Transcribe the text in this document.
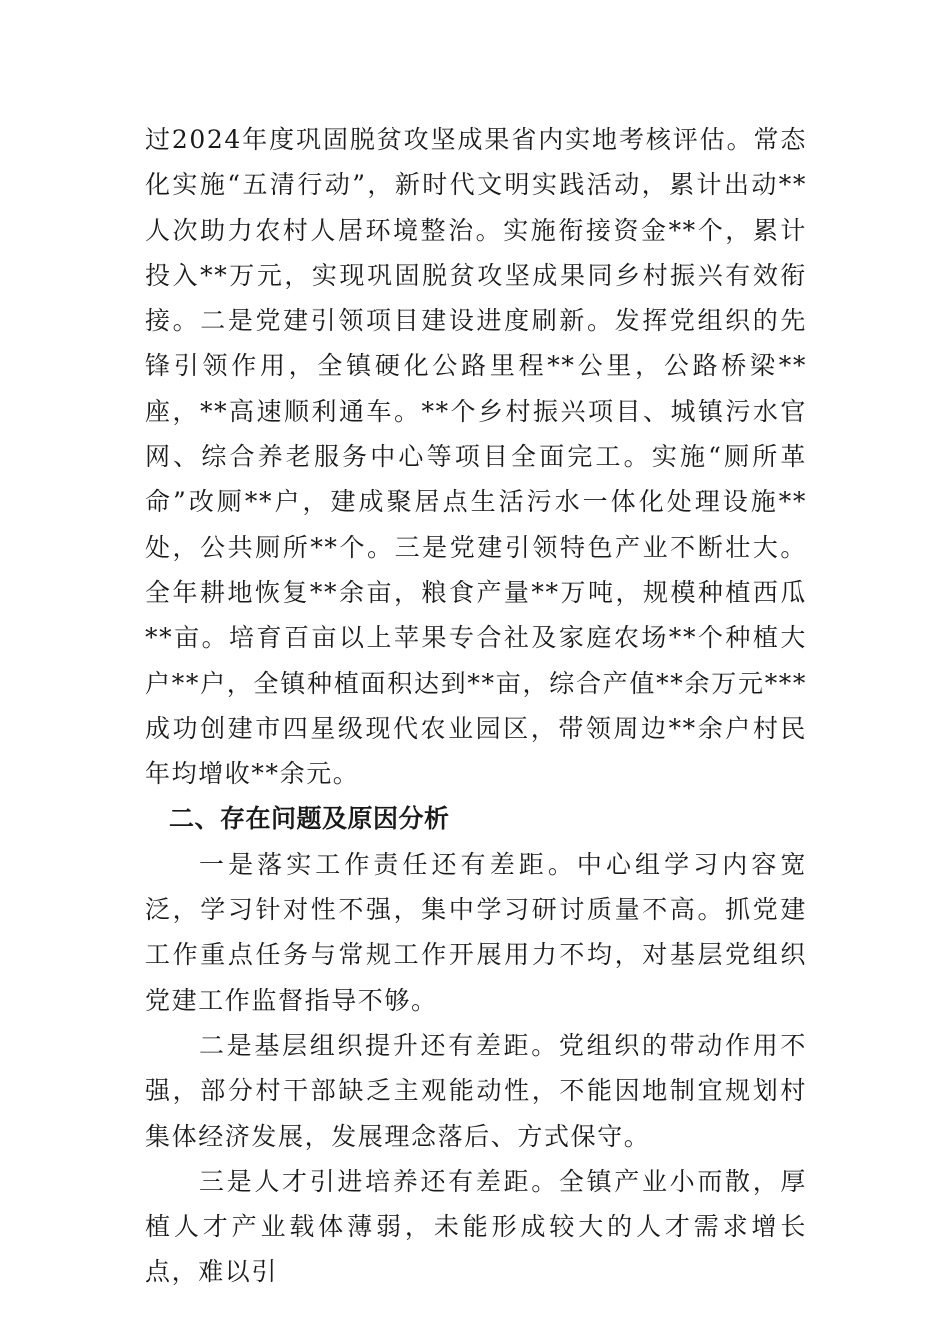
过2024年度巩固脱贫攻坚成果省内实地考核评估。常态化实施“五清行动”，新时代文明实践活动，累计出动**人次助力农村人居环境整治。实施衔接资金**个，累计投入**万元，实现巩固脱贫攻坚成果同乡村振兴有效衔接。二是党建引领项目建设进度刷新。发挥党组织的先锋引领作用，全镇硬化公路里程**公里，公路桥梁**座，**高速顺利通车。**个乡村振兴项目、城镇污水官网、综合养老服务中心等项目全面完工。实施“厕所革命”改厕**户，建成聚居点生活污水一体化处理设施**处，公共厕所**个。三是党建引领特色产业不断壮大。全年耕地恢复**余亩，粮食产量**万吨，规模种植西瓜**亩。培育百亩以上苹果专合社及家庭农场**个种植大户**户，全镇种植面积达到**亩，综合产值**余万元***成功创建市四星级现代农业园区，带领周边**余户村民年均增收**余元。

二、存在问题及原因分析

一是落实工作责任还有差距。中心组学习内容宽泛，学习针对性不强，集中学习研讨质量不高。抓党建工作重点任务与常规工作开展用力不均，对基层党组织党建工作监督指导不够。

二是基层组织提升还有差距。党组织的带动作用不强，部分村干部缺乏主观能动性，不能因地制宜规划村集体经济发展，发展理念落后、方式保守。

三是人才引进培养还有差距。全镇产业小而散，厚植人才产业载体薄弱，未能形成较大的人才需求增长点，难以引
